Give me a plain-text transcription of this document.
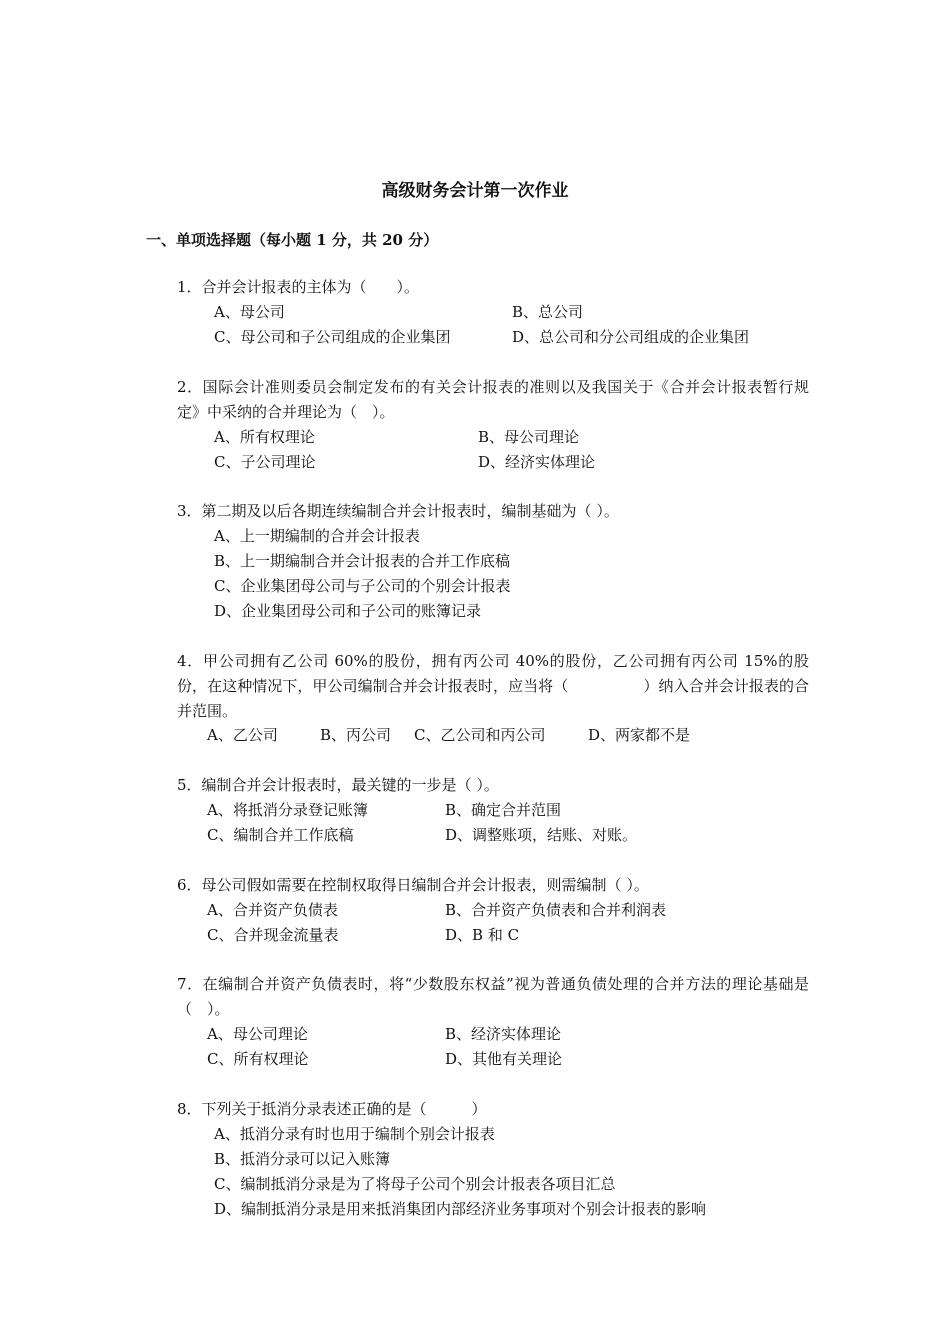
高级财务会计第一次作业
一、单项选择题（每小题 1 分，共 20 分）
1．合并会计报表的主体为（　　）。
A、母公司	B、总公司
C、母公司和子公司组成的企业集团	D、总公司和分公司组成的企业集团
2．国际会计准则委员会制定发布的有关会计报表的准则以及我国关于《合并会计报表暂行规定》中采纳的合并理论为（　）。
A、所有权理论	B、母公司理论
C、子公司理论	D、经济实体理论
3．第二期及以后各期连续编制合并会计报表时，编制基础为（ ）。
A、上一期编制的合并会计报表
B、上一期编制合并会计报表的合并工作底稿
C、企业集团母公司与子公司的个别会计报表
D、企业集团母公司和子公司的账簿记录
4．甲公司拥有乙公司 60%的股份，拥有丙公司 40%的股份，乙公司拥有丙公司 15%的股份，在这种情况下，甲公司编制合并会计报表时，应当将（　　　　　）纳入合并会计报表的合并范围。
A、乙公司	B、丙公司 C、乙公司和丙公司	D、两家都不是
5．编制合并会计报表时，最关键的一步是（ ）。
A、将抵消分录登记账簿	B、确定合并范围
C、编制合并工作底稿	D、调整账项，结账、对账。
6．母公司假如需要在控制权取得日编制合并会计报表，则需编制（ ）。
A、合并资产负债表	B、合并资产负债表和合并利润表
C、合并现金流量表	D、B 和 C
7．在编制合并资产负债表时，将“少数股东权益”视为普通负债处理的合并方法的理论基础是（　）。
A、母公司理论	B、经济实体理论
C、所有权理论	D、其他有关理论
8．下列关于抵消分录表述正确的是（　　　）
A、抵消分录有时也用于编制个别会计报表
B、抵消分录可以记入账簿
C、编制抵消分录是为了将母子公司个别会计报表各项目汇总
D、编制抵消分录是用来抵消集团内部经济业务事项对个别会计报表的影响
